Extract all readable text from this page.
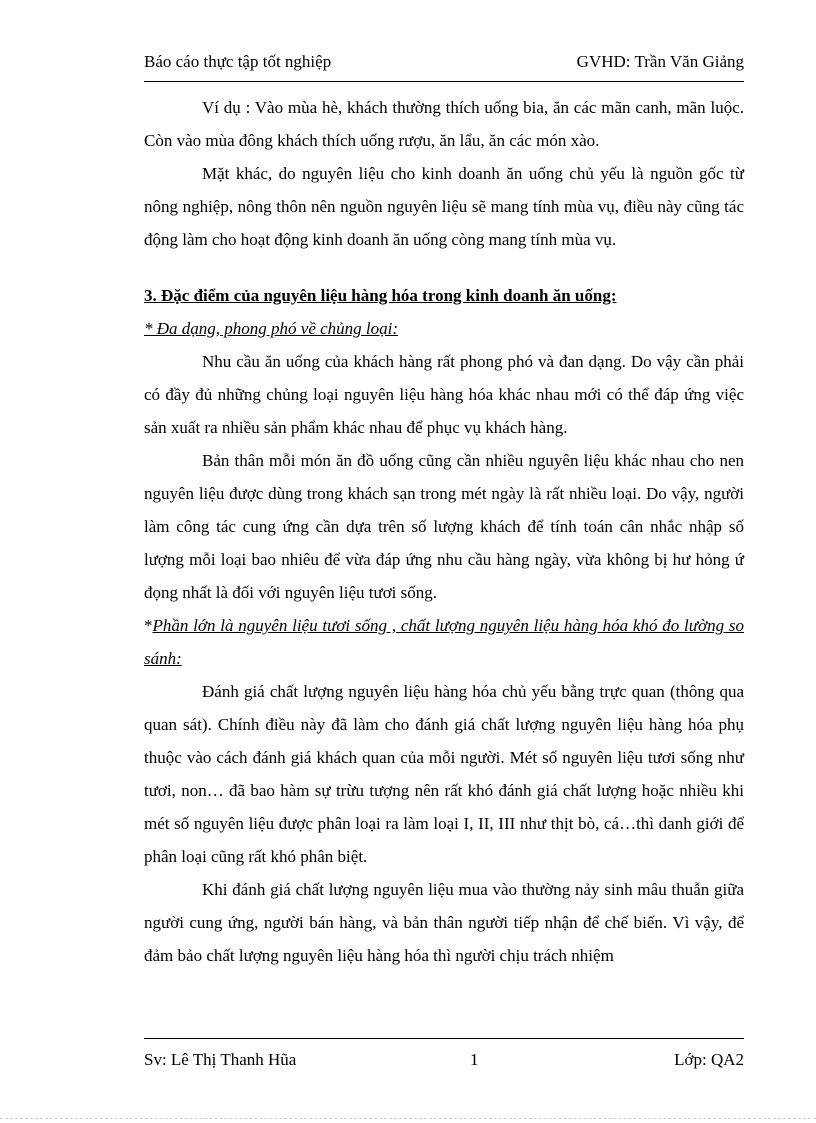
Báo cáo thực tập tốt nghiệp	GVHD: Trần Văn Giảng

Ví dụ : Vào mùa hè, khách thường thích uống bia, ăn các mãn canh, mãn luộc. Còn vào mùa đông khách thích uống rượu, ăn lẩu, ăn các món xào.

Mặt khác, do nguyên liệu cho kinh doanh ăn uống chủ yếu là nguồn gốc từ nông nghiệp, nông thôn nên nguồn nguyên liệu sẽ mang tính mùa vụ, điều này cũng tác động làm cho hoạt động kinh doanh ăn uống còng mang tính mùa vụ.

3. Đặc điểm của nguyên liệu hàng hóa trong kinh doanh ăn uống:

* Đa dạng, phong phó về chủng loại:

Nhu cầu ăn uống của khách hàng rất phong phó và đan dạng. Do vậy cần phải có đầy đủ những chủng loại nguyên liệu hàng hóa khác nhau mới có thể đáp ứng việc sản xuất ra nhiều sản phẩm khác nhau để phục vụ khách hàng.

Bản thân mỗi món ăn đồ uống cũng cần nhiều nguyên liệu khác nhau cho nen nguyên liệu được dùng trong khách sạn trong mét ngày là rất nhiều loại. Do vậy, người làm công tác cung ứng cần dựa trên số lượng khách để tính toán cân nhắc nhập số lượng mỗi loại bao nhiêu để vừa đáp ứng nhu cầu hàng ngày, vừa không bị hư hỏng ứ đọng nhất là đối với nguyên liệu tươi sống.

*Phần lớn là nguyên liệu tươi sống , chất lượng nguyên liệu hàng hóa khó đo lường so sánh:

Đánh giá chất lượng nguyên liệu hàng hóa chủ yếu bằng trực quan (thông qua quan sát). Chính điều này đã làm cho đánh giá chất lượng nguyên liệu hàng hóa phụ thuộc vào cách đánh giá khách quan của mỗi người. Mét số nguyên liệu tươi sống như tươi, non… đã bao hàm sự trừu tượng nên rất khó đánh giá chất lượng hoặc nhiều khi mét số nguyên liệu được phân loại ra làm loại I, II, III như thịt bò, cá…thì danh giới để phân loại cũng rất khó phân biệt.

Khi đánh giá chất lượng nguyên liệu mua vào thường nảy sinh mâu thuẫn giữa người cung ứng, người bán hàng, và bản thân người tiếp nhận để chế biến. Vì vậy, để đảm bảo chất lượng nguyên liệu hàng hóa thì người chịu trách nhiệm

Sv: Lê Thị Thanh Hũa	1	Lớp: QA2
